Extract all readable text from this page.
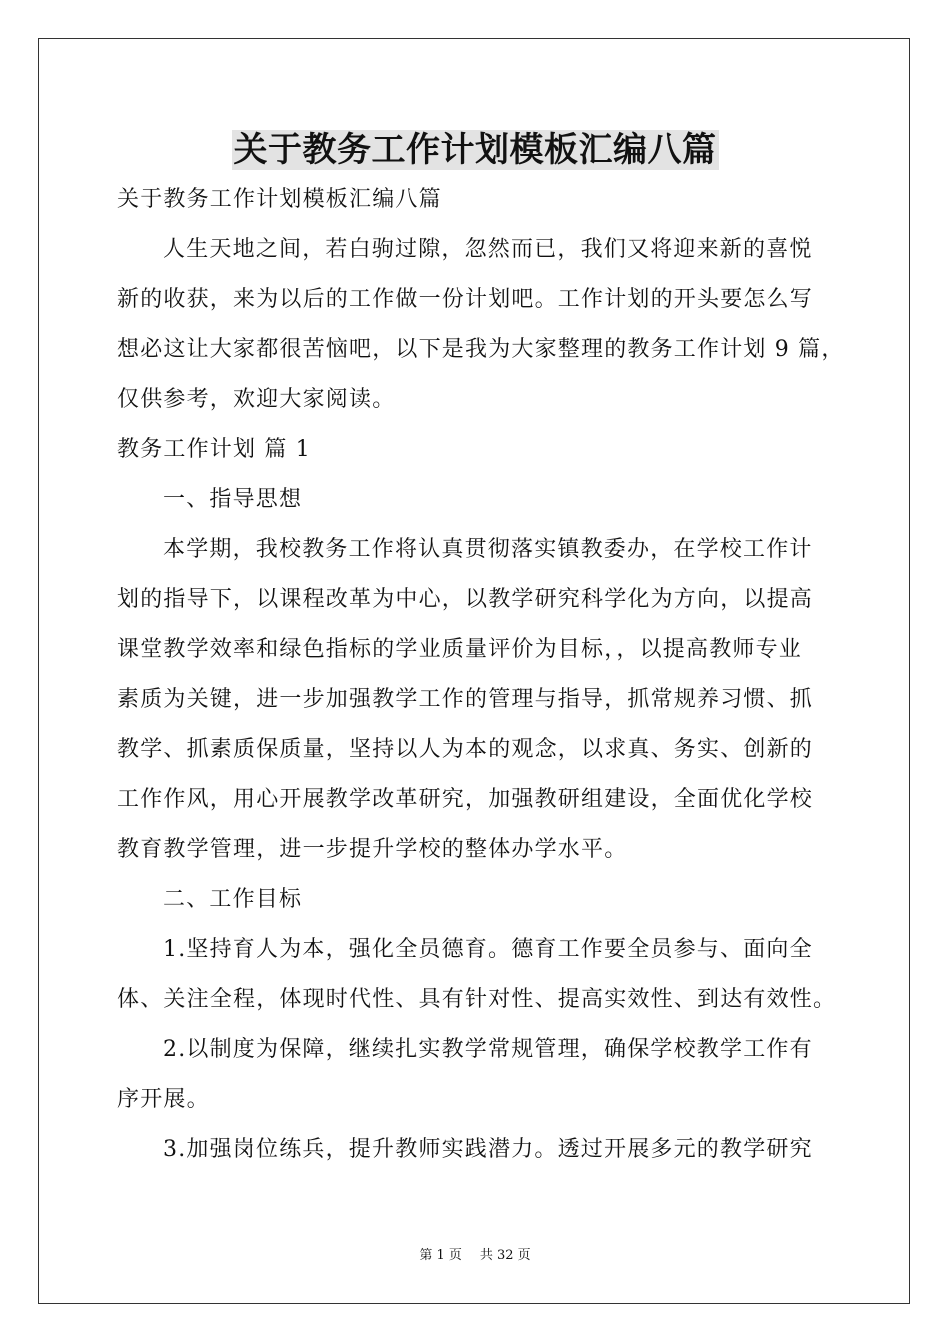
关于教务工作计划模板汇编八篇
关于教务工作计划模板汇编八篇
人生天地之间，若白驹过隙，忽然而已，我们又将迎来新的喜悦
新的收获，来为以后的工作做一份计划吧。工作计划的开头要怎么写
想必这让大家都很苦恼吧，以下是我为大家整理的教务工作计划 9 篇，
仅供参考，欢迎大家阅读。
教务工作计划 篇 1
一、指导思想
本学期，我校教务工作将认真贯彻落实镇教委办，在学校工作计
划的指导下，以课程改革为中心，以教学研究科学化为方向，以提高
课堂教学效率和绿色指标的学业质量评价为目标，，以提高教师专业
素质为关键，进一步加强教学工作的管理与指导，抓常规养习惯、抓
教学、抓素质保质量，坚持以人为本的观念，以求真、务实、创新的
工作作风，用心开展教学改革研究，加强教研组建设，全面优化学校
教育教学管理，进一步提升学校的整体办学水平。
二、工作目标
1.坚持育人为本，强化全员德育。德育工作要全员参与、面向全
体、关注全程，体现时代性、具有针对性、提高实效性、到达有效性。
2.以制度为保障，继续扎实教学常规管理，确保学校教学工作有
序开展。
3.加强岗位练兵，提升教师实践潜力。透过开展多元的教学研究
第 1 页 共 32 页
